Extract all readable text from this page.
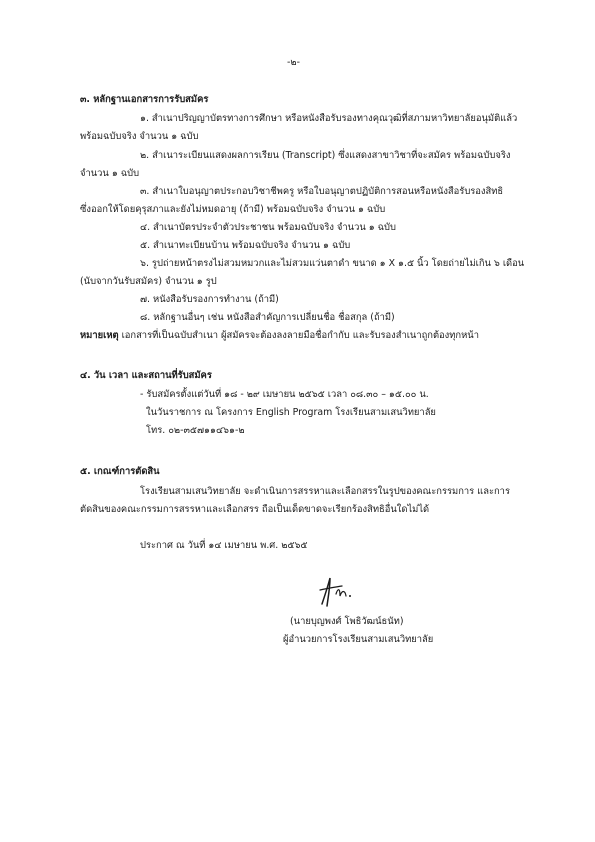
-๒-
๓. หลักฐานเอกสารการรับสมัคร
๑. สำเนาปริญญาบัตรทางการศึกษา หรือหนังสือรับรองทางคุณวุฒิที่สภามหาวิทยาลัยอนุมัติแล้ว
พร้อมฉบับจริง จำนวน ๑ ฉบับ
๒. สำเนาระเบียนแสดงผลการเรียน (Transcript) ซึ่งแสดงสาขาวิชาที่จะสมัคร พร้อมฉบับจริง
จำนวน ๑ ฉบับ
๓. สำเนาใบอนุญาตประกอบวิชาชีพครู หรือใบอนุญาตปฏิบัติการสอนหรือหนังสือรับรองสิทธิ
ซึ่งออกให้โดยคุรุสภาและยังไม่หมดอายุ (ถ้ามี) พร้อมฉบับจริง จำนวน ๑ ฉบับ
๔. สำเนาบัตรประจำตัวประชาชน พร้อมฉบับจริง จำนวน ๑ ฉบับ
๕. สำเนาทะเบียนบ้าน พร้อมฉบับจริง จำนวน ๑ ฉบับ
๖. รูปถ่ายหน้าตรงไม่สวมหมวกและไม่สวมแว่นตาดำ ขนาด ๑ X ๑.๕ นิ้ว โดยถ่ายไม่เกิน ๖ เดือน
(นับจากวันรับสมัคร) จำนวน ๑ รูป
๗. หนังสือรับรองการทำงาน (ถ้ามี)
๘. หลักฐานอื่นๆ เช่น หนังสือสำคัญการเปลี่ยนชื่อ ชื่อสกุล (ถ้ามี)
หมายเหตุ เอกสารที่เป็นฉบับสำเนา ผู้สมัครจะต้องลงลายมือชื่อกำกับ และรับรองสำเนาถูกต้องทุกหน้า
๔. วัน เวลา และสถานที่รับสมัคร
- รับสมัครตั้งแต่วันที่ ๑๘ - ๒๙ เมษายน ๒๕๖๕ เวลา ๐๘.๓๐ – ๑๕.๐๐ น.
ในวันราชการ ณ โครงการ English Program โรงเรียนสามเสนวิทยาลัย
โทร. ๐๒-๓๕๗๑๑๔๖๑-๒
๕. เกณฑ์การตัดสิน
โรงเรียนสามเสนวิทยาลัย จะดำเนินการสรรหาและเลือกสรรในรูปของคณะกรรมการ และการ
ตัดสินของคณะกรรมการสรรหาและเลือกสรร ถือเป็นเด็ดขาดจะเรียกร้องสิทธิอื่นใดไม่ได้
ประกาศ ณ วันที่ ๑๔ เมษายน พ.ศ. ๒๕๖๕
(นายบุญพงศ์ โพธิวัฒน์ธนัท)
ผู้อำนวยการโรงเรียนสามเสนวิทยาลัย
